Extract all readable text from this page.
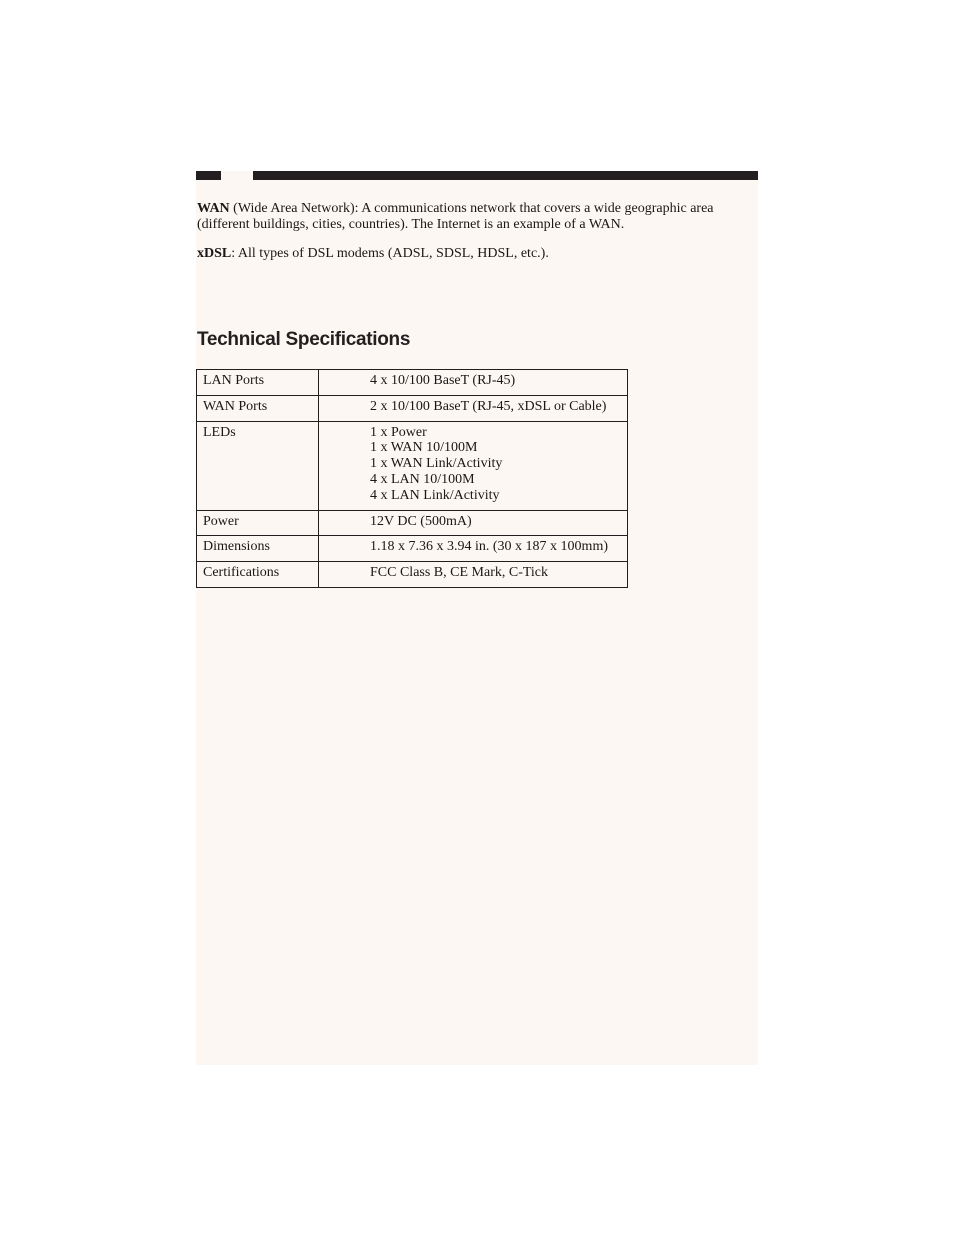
WAN (Wide Area Network): A communications network that covers a wide geographic area (different buildings, cities, countries). The Internet is an example of a WAN.

xDSL: All types of DSL modems (ADSL, SDSL, HDSL, etc.).

Technical Specifications
LAN Ports	4 x 10/100 BaseT (RJ-45)

WAN Ports	2 x 10/100 BaseT (RJ-45, xDSL or Cable)

LEDs	1 x Power
1 x WAN 10/100M
1 x WAN Link/Activity
4 x LAN 10/100M
4 x LAN Link/Activity

Power	12V DC (500mA)

Dimensions	1.18 x 7.36 x 3.94 in. (30 x 187 x 100mm)

Certifications	FCC Class B, CE Mark, C-Tick
